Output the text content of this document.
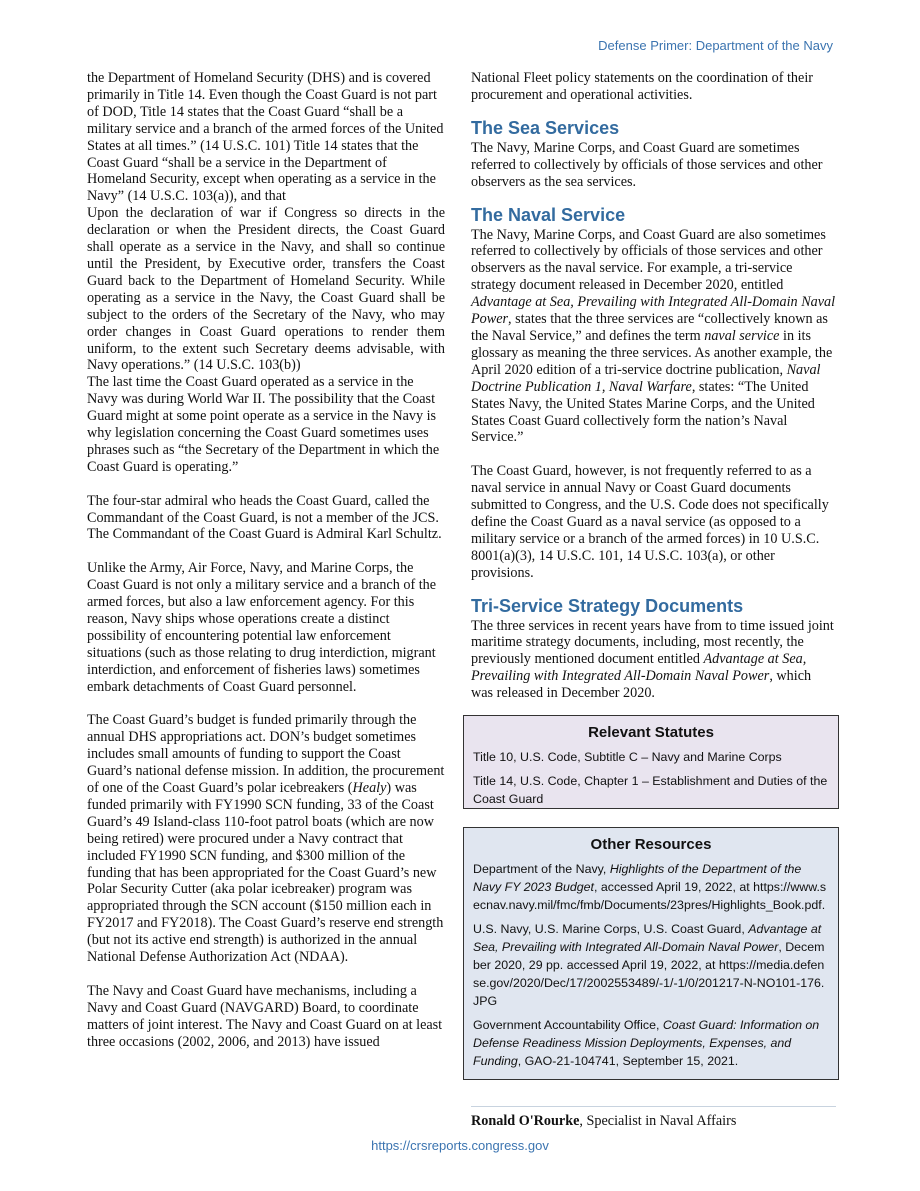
Defense Primer: Department of the Navy

the Department of Homeland Security (DHS) and is covered primarily in Title 14. Even though the Coast Guard is not part of DOD, Title 14 states that the Coast Guard “shall be a military service and a branch of the armed forces of the United States at all times.” (14 U.S.C. 101) Title 14 states that the Coast Guard “shall be a service in the Department of Homeland Security, except when operating as a service in the Navy” (14 U.S.C. 103(a)), and that

Upon the declaration of war if Congress so directs in the declaration or when the President directs, the Coast Guard shall operate as a service in the Navy, and shall so continue until the President, by Executive order, transfers the Coast Guard back to the Department of Homeland Security. While operating as a service in the Navy, the Coast Guard shall be subject to the orders of the Secretary of the Navy, who may order changes in Coast Guard operations to render them uniform, to the extent such Secretary deems advisable, with Navy operations.” (14 U.S.C. 103(b))

The last time the Coast Guard operated as a service in the Navy was during World War II. The possibility that the Coast Guard might at some point operate as a service in the Navy is why legislation concerning the Coast Guard sometimes uses phrases such as “the Secretary of the Department in which the Coast Guard is operating.”

The four-star admiral who heads the Coast Guard, called the Commandant of the Coast Guard, is not a member of the JCS. The Commandant of the Coast Guard is Admiral Karl Schultz.

Unlike the Army, Air Force, Navy, and Marine Corps, the Coast Guard is not only a military service and a branch of the armed forces, but also a law enforcement agency. For this reason, Navy ships whose operations create a distinct possibility of encountering potential law enforcement situations (such as those relating to drug interdiction, migrant interdiction, and enforcement of fisheries laws) sometimes embark detachments of Coast Guard personnel.

The Coast Guard’s budget is funded primarily through the annual DHS appropriations act. DON’s budget sometimes includes small amounts of funding to support the Coast Guard’s national defense mission. In addition, the procurement of one of the Coast Guard’s polar icebreakers (Healy) was funded primarily with FY1990 SCN funding, 33 of the Coast Guard’s 49 Island-class 110-foot patrol boats (which are now being retired) were procured under a Navy contract that included FY1990 SCN funding, and $300 million of the funding that has been appropriated for the Coast Guard’s new Polar Security Cutter (aka polar icebreaker) program was appropriated through the SCN account ($150 million each in FY2017 and FY2018). The Coast Guard’s reserve end strength (but not its active end strength) is authorized in the annual National Defense Authorization Act (NDAA).

The Navy and Coast Guard have mechanisms, including a Navy and Coast Guard (NAVGARD) Board, to coordinate matters of joint interest. The Navy and Coast Guard on at least three occasions (2002, 2006, and 2013) have issued

National Fleet policy statements on the coordination of their procurement and operational activities.

The Sea Services

The Navy, Marine Corps, and Coast Guard are sometimes referred to collectively by officials of those services and other observers as the sea services.

The Naval Service

The Navy, Marine Corps, and Coast Guard are also sometimes referred to collectively by officials of those services and other observers as the naval service. For example, a tri-service strategy document released in December 2020, entitled Advantage at Sea, Prevailing with Integrated All-Domain Naval Power, states that the three services are “collectively known as the Naval Service,” and defines the term naval service in its glossary as meaning the three services. As another example, the April 2020 edition of a tri-service doctrine publication, Naval Doctrine Publication 1, Naval Warfare, states: “The United States Navy, the United States Marine Corps, and the United States Coast Guard collectively form the nation’s Naval Service.”

The Coast Guard, however, is not frequently referred to as a naval service in annual Navy or Coast Guard documents submitted to Congress, and the U.S. Code does not specifically define the Coast Guard as a naval service (as opposed to a military service or a branch of the armed forces) in 10 U.S.C. 8001(a)(3), 14 U.S.C. 101, 14 U.S.C. 103(a), or other provisions.

Tri-Service Strategy Documents

The three services in recent years have from to time issued joint maritime strategy documents, including, most recently, the previously mentioned document entitled Advantage at Sea, Prevailing with Integrated All-Domain Naval Power, which was released in December 2020.

Relevant Statutes
Title 10, U.S. Code, Subtitle C – Navy and Marine Corps
Title 14, U.S. Code, Chapter 1 – Establishment and Duties of the Coast Guard
Other Resources
Department of the Navy, Highlights of the Department of the Navy FY 2023 Budget, accessed April 19, 2022, at https://www.secnav.navy.mil/fmc/fmb/Documents/23pres/Highlights_Book.pdf.
U.S. Navy, U.S. Marine Corps, U.S. Coast Guard, Advantage at Sea, Prevailing with Integrated All-Domain Naval Power, December 2020, 29 pp. accessed April 19, 2022, at https://media.defense.gov/2020/Dec/17/2002553489/-1/-1/0/201217-N-NO101-176.JPG
Government Accountability Office, Coast Guard: Information on Defense Readiness Mission Deployments, Expenses, and Funding, GAO-21-104741, September 15, 2021.
Ronald O'Rourke, Specialist in Naval Affairs
https://crsreports.congress.gov
